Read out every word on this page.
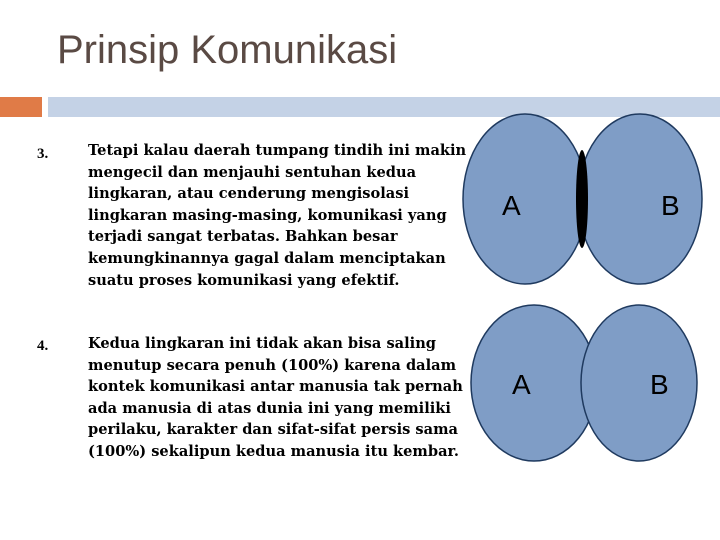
Prinsip Komunikasi
3.	Tetapi kalau daerah tumpang tindih ini makin
mengecil dan menjauhi sentuhan kedua
lingkaran, atau cenderung mengisolasi
lingkaran masing-masing, komunikasi yang
terjadi sangat terbatas. Bahkan besar
kemungkinannya gagal dalam menciptakan
suatu proses komunikasi yang efektif.
4.	Kedua lingkaran ini tidak akan bisa saling
menutup secara penuh (100%) karena dalam
kontek komunikasi antar manusia tak pernah
ada manusia di atas dunia ini yang memiliki
perilaku, karakter dan sifat-sifat persis sama
(100%) sekalipun kedua manusia itu kembar.
A	B
A	B
